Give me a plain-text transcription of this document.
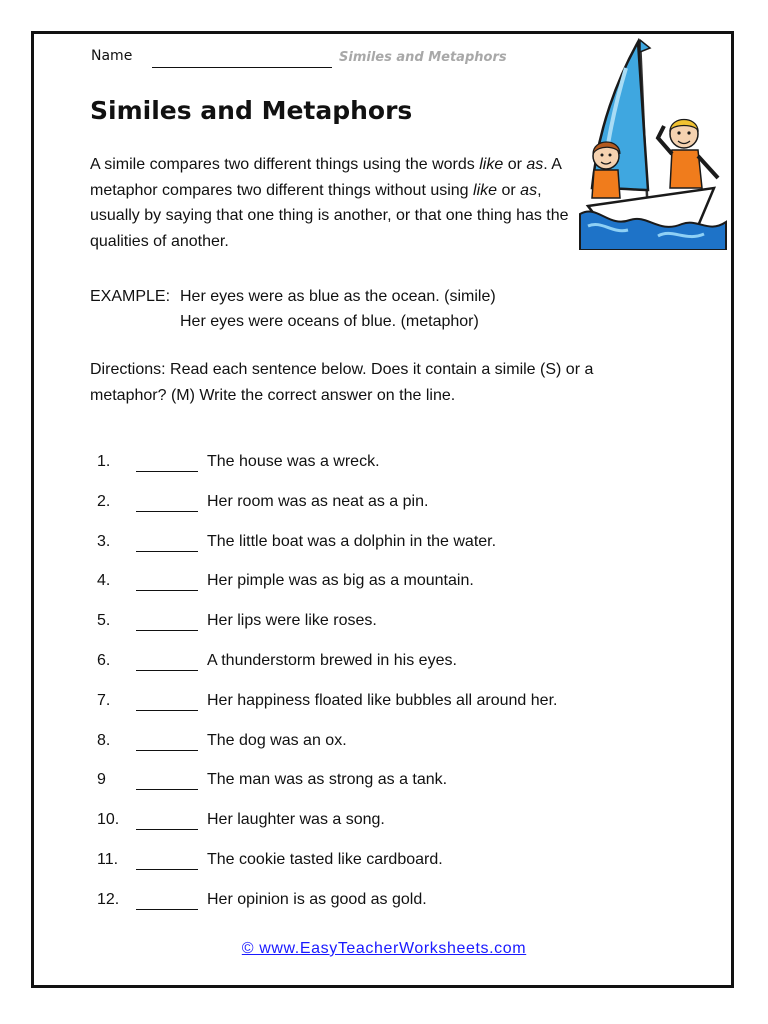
Name	Similes and Metaphors
Similes and Metaphors

A simile compares two different things using the words like or as. A metaphor compares two different things without using like or as, usually by saying that one thing is another, or that one thing has the qualities of another.

EXAMPLE: Her eyes were as blue as the ocean. (simile)
Her eyes were oceans of blue. (metaphor)

Directions: Read each sentence below. Does it contain a simile (S) or a metaphor? (M) Write the correct answer on the line.

1.	The house was a wreck.
2.	Her room was as neat as a pin.
3.	The little boat was a dolphin in the water.
4.	Her pimple was as big as a mountain.
5.	Her lips were like roses.
6.	A thunderstorm brewed in his eyes.
7.	Her happiness floated like bubbles all around her.
8.	The dog was an ox.
9	The man was as strong as a tank.
10.	Her laughter was a song.
11.	The cookie tasted like cardboard.
12.	Her opinion is as good as gold.
© www.EasyTeacherWorksheets.com
